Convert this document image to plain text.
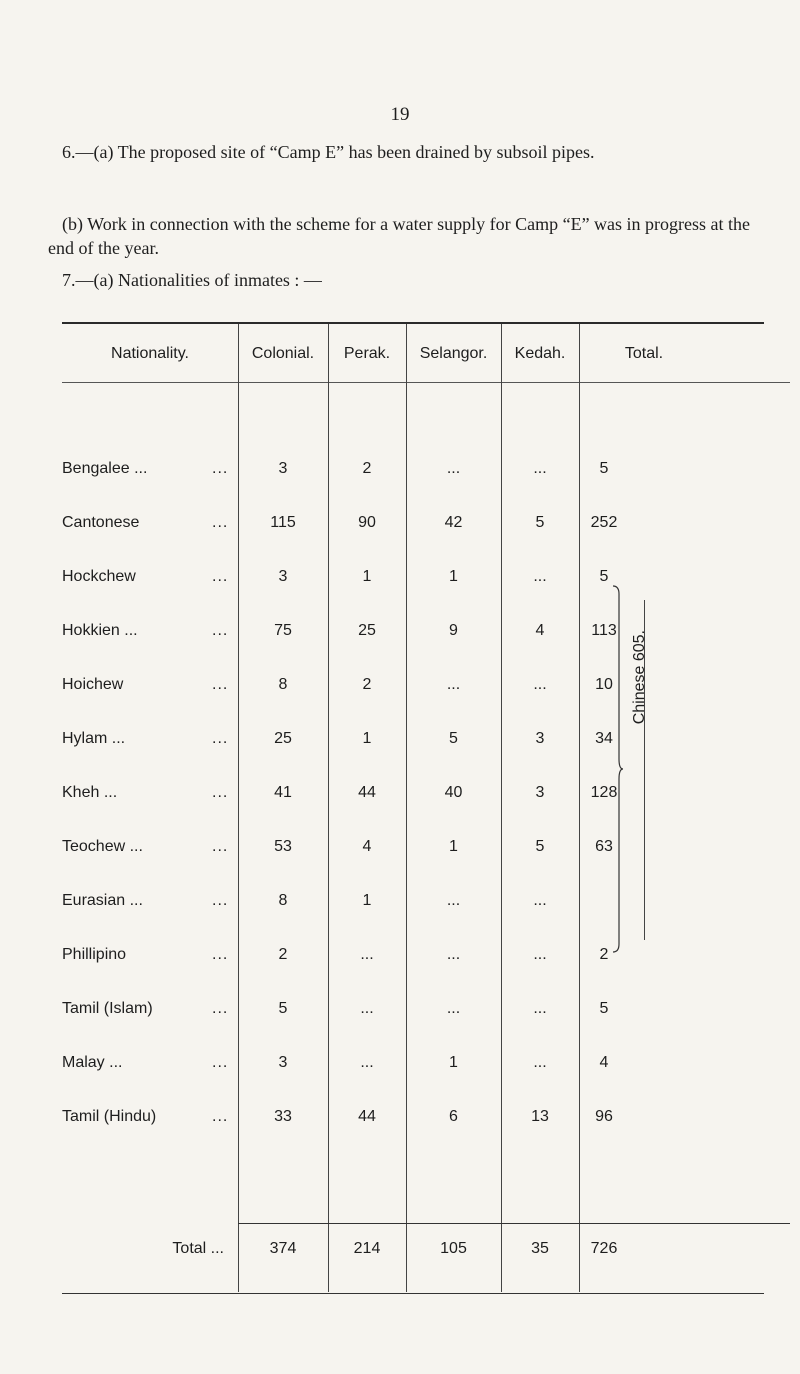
19

6.—(a) The proposed site of “Camp E” has been drained by subsoil pipes.

(b) Work in connection with the scheme for a water supply for Camp “E” was in progress at the end of the year.

7.—(a) Nationalities of inmates : —

Nationality.	Colonial.	Perak.	Selangor.	Kedah.	Total.
Bengalee ...	...	3	2	...	...	5
Cantonese	...	115	90	42	5	252
Hockchew	...	3	1	1	...	5
Hokkien ...	...	75	25	9	4	113
Hoichew	...	8	2	...	...	10
Hylam ...	...	25	1	5	3	34
Kheh ...	...	41	44	40	3	128
Teochew ...	...	53	4	1	5	63
Eurasian ...	...	8	1	...	...
Phillipino	...	2	...	...	...	2
Tamil (Islam)	...	5	...	...	...	5
Malay ...	...	3	...	1	...	4
Tamil (Hindu)	...	33	44	6	13	96
Total ...	374	214	105	35	726
Chinese 605.
